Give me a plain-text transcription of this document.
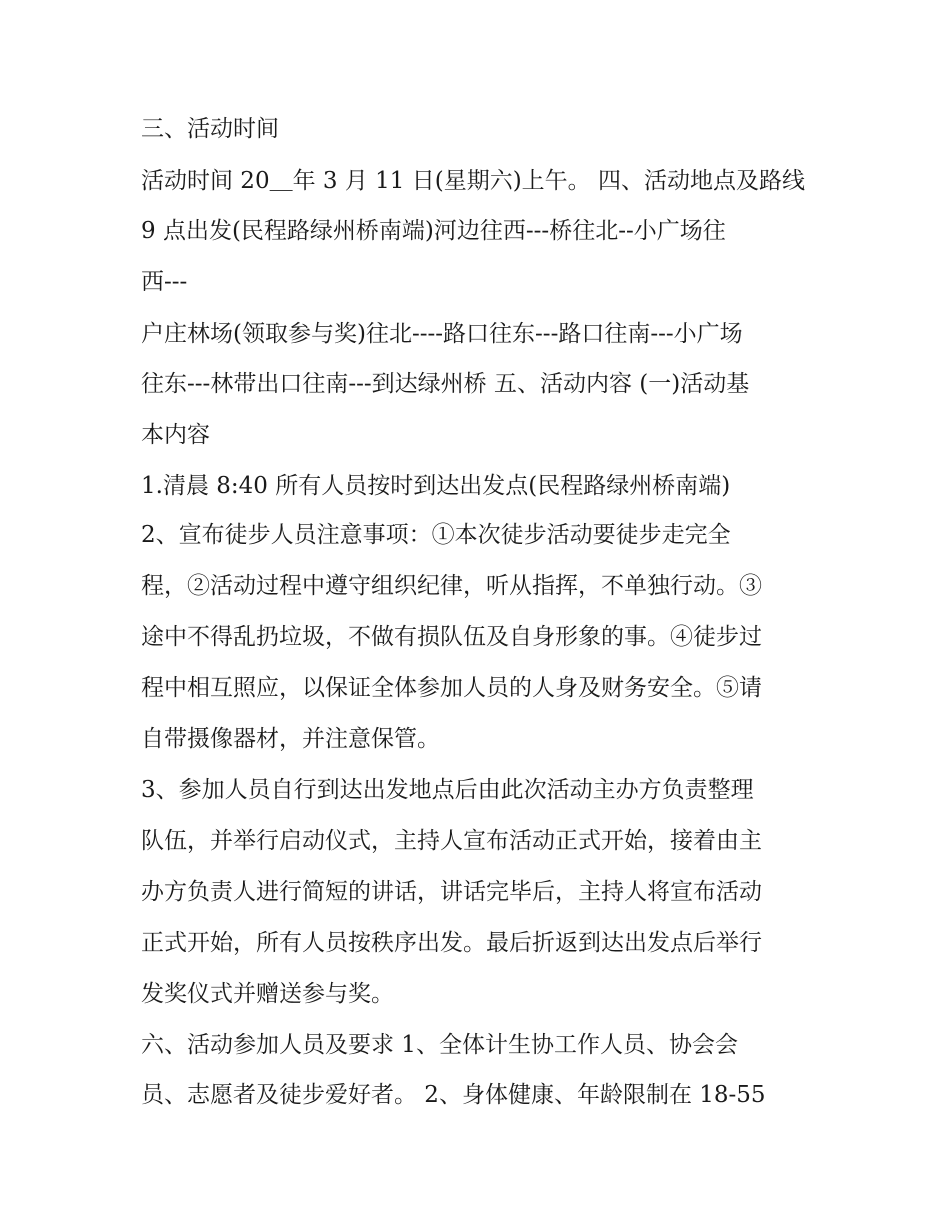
三、活动时间
活动时间 20＿年 3 月 11 日(星期六)上午。 四、活动地点及路线
9 点出发(民程路绿州桥南端)河边往西---桥往北--小广场往
西---
户庄林场(领取参与奖)往北----路口往东---路口往南---小广场
往东---林带出口往南---到达绿州桥 五、活动内容 (一)活动基
本内容
1.清晨 8:40 所有人员按时到达出发点(民程路绿州桥南端)
2、宣布徒步人员注意事项：①本次徒步活动要徒步走完全
程，②活动过程中遵守组织纪律，听从指挥，不单独行动。③
途中不得乱扔垃圾，不做有损队伍及自身形象的事。④徒步过
程中相互照应，以保证全体参加人员的人身及财务安全。⑤请
自带摄像器材，并注意保管。
3、参加人员自行到达出发地点后由此次活动主办方负责整理
队伍，并举行启动仪式，主持人宣布活动正式开始，接着由主
办方负责人进行简短的讲话，讲话完毕后，主持人将宣布活动
正式开始，所有人员按秩序出发。最后折返到达出发点后举行
发奖仪式并赠送参与奖。
六、活动参加人员及要求 1、全体计生协工作人员、协会会
员、志愿者及徒步爱好者。 2、身体健康、年龄限制在 18-55
